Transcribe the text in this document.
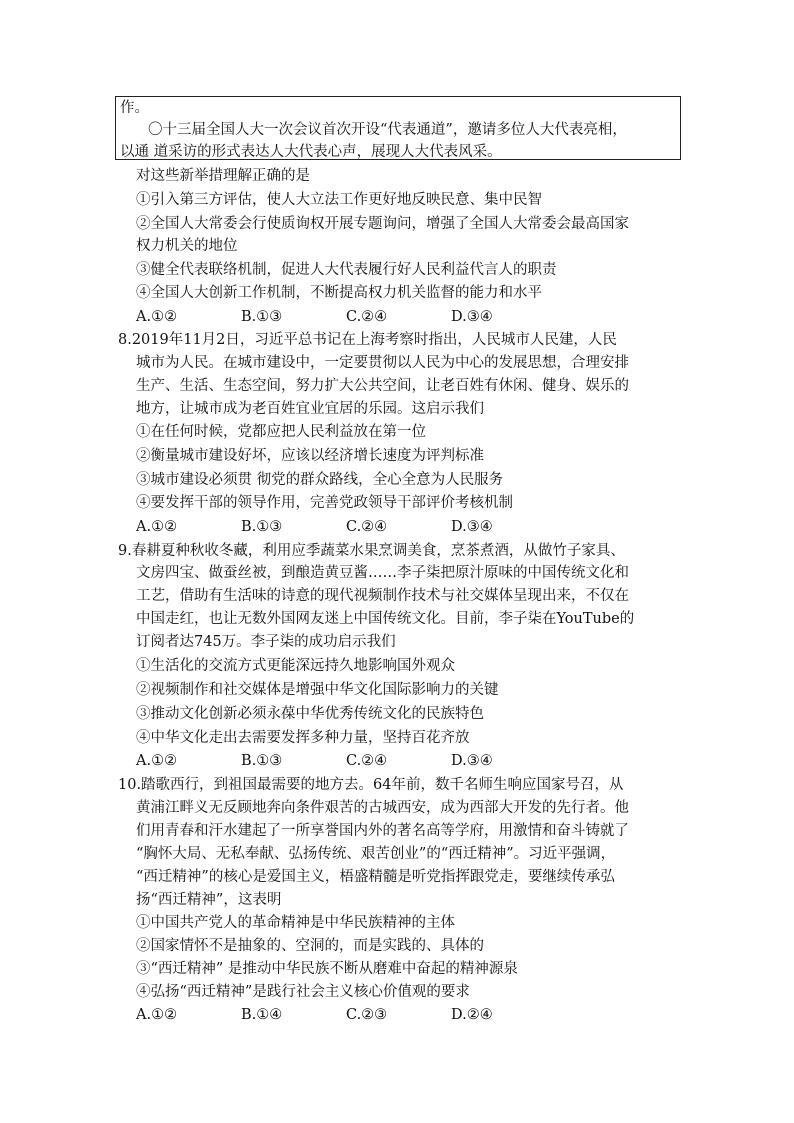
作。
〇十三届全国人大一次会议首次开设“代表通道”，邀请多位人大代表亮相，
以通 道采访的形式表达人大代表心声，展现人大代表风采。
对这些新举措理解正确的是
①引入第三方评估，使人大立法工作更好地反映民意、集中民智
②全国人大常委会行使质询权开展专题询问，增强了全国人大常委会最高国家
权力机关的地位
③健全代表联络机制，促进人大代表履行好人民利益代言人的职责
④全国人大创新工作机制，不断提高权力机关监督的能力和水平
A.①②	B.①③	C.②④	D.③④
8.2019年11月2日，习近平总书记在上海考察时指出，人民城市人民建，人民
城市为人民。在城市建设中，一定要贯彻以人民为中心的发展思想，合理安排
生产、生活、生态空间，努力扩大公共空间，让老百姓有休闲、健身、娱乐的
地方，让城市成为老百姓宜业宜居的乐园。这启示我们
①在任何时候，党都应把人民利益放在第一位
②衡量城市建设好坏，应该以经济增长速度为评判标准
③城市建设必须贯 彻党的群众路线，全心全意为人民服务
④要发挥干部的领导作用，完善党政领导干部评价考核机制
A.①②	B.①③	C.②④	D.③④
9.春耕夏种秋收冬藏，利用应季蔬菜水果烹调美食，烹茶煮酒，从做竹子家具、
文房四宝、做蚕丝被，到酿造黄豆酱……李子柒把原汁原味的中国传统文化和
工艺，借助有生活味的诗意的现代视频制作技术与社交媒体呈现出来，不仅在
中国走红，也让无数外国网友迷上中国传统文化。目前，李子柒在YouTube的
订阅者达745万。李子柒的成功启示我们
①生活化的交流方式更能深远持久地影响国外观众
②视频制作和社交媒体是增强中华文化国际影响力的关键
③推动文化创新必须永葆中华优秀传统文化的民族特色
④中华文化走出去需要发挥多种力量，坚持百花齐放
A.①②	B.①③	C.②④	D.③④
10.踏歌西行，到祖国最需要的地方去。64年前，数千名师生响应国家号召，从
黄浦江畔义无反顾地奔向条件艰苦的古城西安，成为西部大开发的先行者。他
们用青春和汗水建起了一所享誉国内外的著名高等学府，用激情和奋斗铸就了
“胸怀大局、无私奉献、弘扬传统、艰苦创业”的“西迁精神”。习近平强调，
“西迁精神”的核心是爱国主义，梧盛精髓是听党指挥跟党走，要继续传承弘
扬“西迁精神”，这表明
①中国共产党人的革命精神是中华民族精神的主体
②国家情怀不是抽象的、空洞的，而是实践的、具体的
③“西迁精神” 是推动中华民族不断从磨难中奋起的精神源泉
④弘扬“西迁精神”是践行社会主义核心价值观的要求
A.①②	B.①④	C.②③	D.②④
